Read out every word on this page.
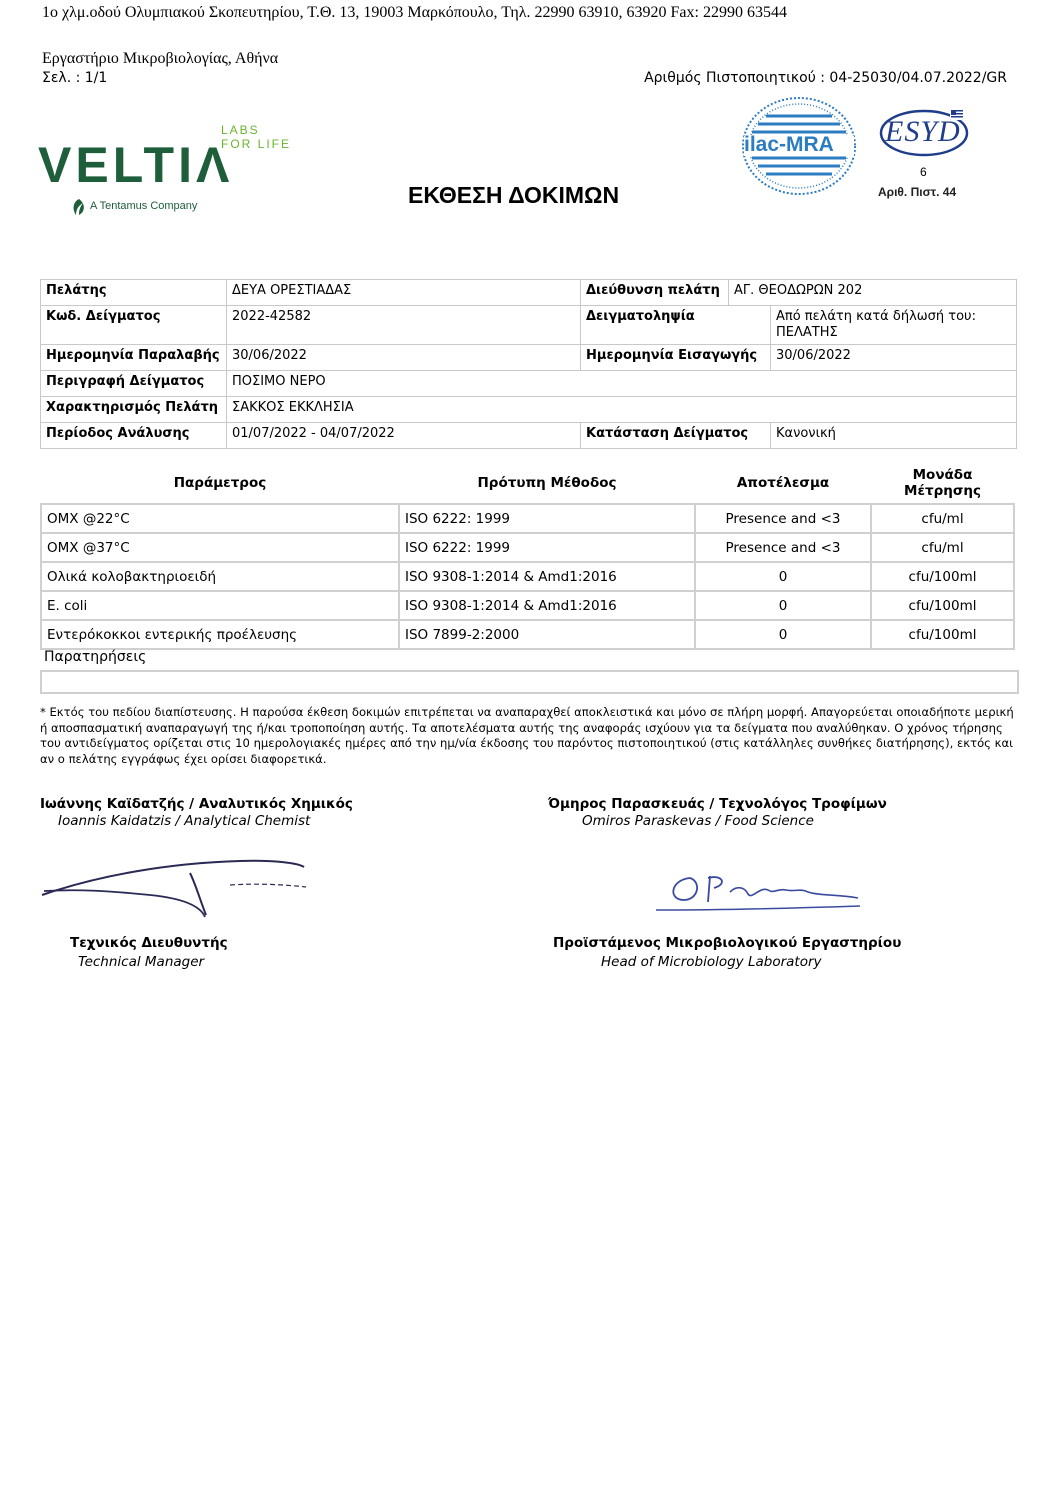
1ο χλμ.οδού Ολυμπιακού Σκοπευτηρίου, Τ.Θ. 13, 19003 Μαρκόπουλο, Τηλ. 22990 63910, 63920 Fax: 22990 63544
Εργαστήριο Μικροβιολογίας, Αθήνα
Σελ. : 1/1	Αριθμός Πιστοποιητικού : 04-25030/04.07.2022/GR
VELTIΛ
LABS
FOR LIFE
A Tentamus Company	ΕΚΘΕΣΗ ΔΟΚΙΜΩΝ
ilac-MRA ESYD
6
Αριθ. Πιστ. 44
Πελάτης	ΔΕΥΑ ΟΡΕΣΤΙΑΔΑΣ	Διεύθυνση πελάτη	ΑΓ. ΘΕΟΔΩΡΩΝ 202	
Κωδ. Δείγματος	2022-42582	Δειγματοληψία		Από πελάτη κατά δήλωσή του: ΠΕΛΑΤΗΣ
Ημερομηνία Παραλαβής	30/06/2022	Ημερομηνία Εισαγωγής		30/06/2022
Περιγραφή Δείγματος	ΠΟΣΙΜΟ ΝΕΡΟ			
Χαρακτηρισμός Πελάτη	ΣΑΚΚΟΣ ΕΚΚΛΗΣΙΑ			
Περίοδος Ανάλυσης	01/07/2022 - 04/07/2022	Κατάσταση Δείγματος		Κανονική
Παράμετρος	Πρότυπη Μέθοδος	Αποτέλεσμα	Μονάδα Μέτρησης
ΟΜΧ @22°C	ISO 6222: 1999	Presence and <3	cfu/ml
ΟΜΧ @37°C	ISO 6222: 1999	Presence and <3	cfu/ml
Ολικά κολοβακτηριοειδή	ISO 9308-1:2014 & Amd1:2016	0	cfu/100ml
E. coli	ISO 9308-1:2014 & Amd1:2016	0	cfu/100ml
Εντερόκοκκοι εντερικής προέλευσης	ISO 7899-2:2000	0	cfu/100ml
Παρατηρήσεις
* Εκτός του πεδίου διαπίστευσης. Η παρούσα έκθεση δοκιμών επιτρέπεται να αναπαραχθεί αποκλειστικά και μόνο σε πλήρη μορφή. Απαγορεύεται οποιαδήποτε μερική ή αποσπασματική αναπαραγωγή της ή/και τροποποίηση αυτής. Τα αποτελέσματα αυτής της αναφοράς ισχύουν για τα δείγματα που αναλύθηκαν. Ο χρόνος τήρησης του αντιδείγματος ορίζεται στις 10 ημερολογιακές ημέρες από την ημ/νία έκδοσης του παρόντος πιστοποιητικού (στις κατάλληλες συνθήκες διατήρησης), εκτός και αν ο πελάτης εγγράφως έχει ορίσει διαφορετικά.
Ιωάννης Καϊδατζής / Αναλυτικός Χημικός
Ioannis Kaidatzis / Analytical Chemist
Τεχνικός Διευθυντής
Technical Manager
Όμηρος Παρασκευάς / Τεχνολόγος Τροφίμων
Omiros Paraskevas / Food Science
Προϊστάμενος Μικροβιολογικού Εργαστηρίου
Head of Microbiology Laboratory
